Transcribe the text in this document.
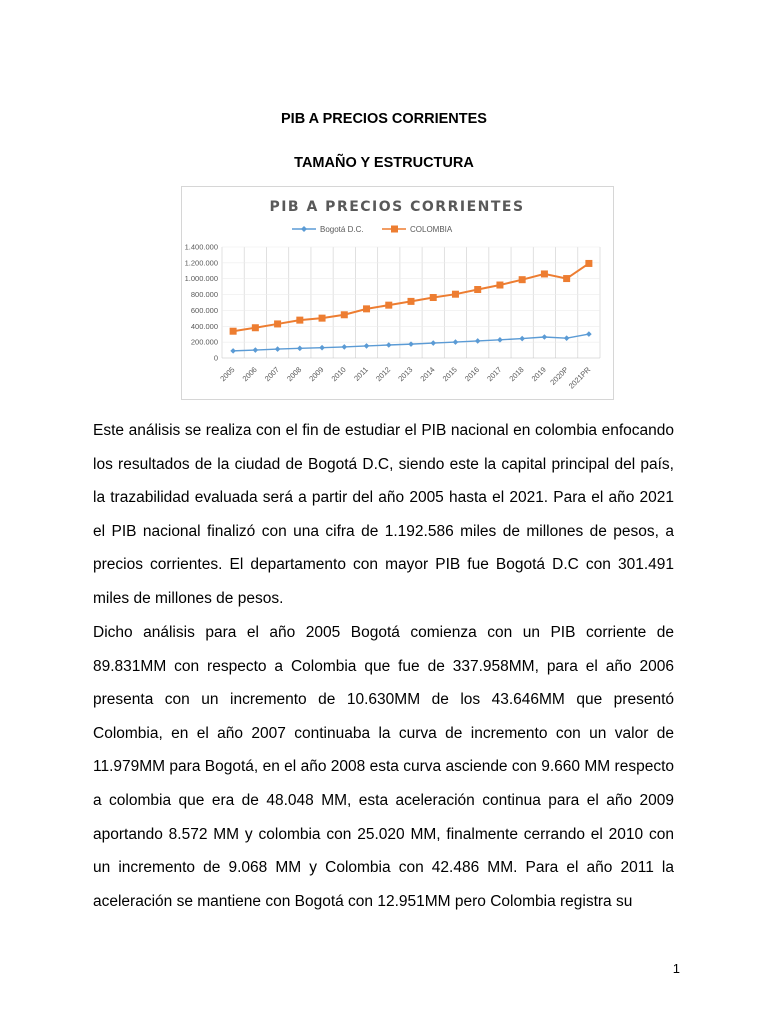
PIB A PRECIOS CORRIENTES
TAMAÑO Y ESTRUCTURA
PIB A PRECIOS CORRIENTES
Bogotá D.C.	COLOMBIA
0
200.000
400.000
600.000
800.000
1.000.000
1.200.000
1.400.000
2005 2006 2007 2008 2009 2010 2011 2012 2013 2014 2015 2016 2017 2018 2019 2020P
2021PR

Este análisis se realiza con el fin de estudiar el PIB nacional en colombia enfocando los resultados de la ciudad de Bogotá D.C, siendo este la capital principal del país, la trazabilidad evaluada será a partir del año 2005 hasta el 2021. Para el año 2021 el PIB nacional finalizó con una cifra de 1.192.586 miles de millones de pesos, a precios corrientes. El departamento con mayor PIB fue Bogotá D.C con 301.491 miles de millones de pesos.

Dicho análisis para el año 2005 Bogotá comienza con un PIB corriente de 89.831MM con respecto a Colombia que fue de 337.958MM, para el año 2006 presenta con un incremento de 10.630MM de los 43.646MM que presentó Colombia, en el año 2007 continuaba la curva de incremento con un valor de 11.979MM para Bogotá, en el año 2008 esta curva asciende con 9.660 MM respecto a colombia que era de 48.048 MM, esta aceleración continua para el año 2009 aportando 8.572 MM y colombia con 25.020 MM, finalmente cerrando el 2010 con un incremento de 9.068 MM y Colombia con 42.486 MM. Para el año 2011 la aceleración se mantiene con Bogotá con 12.951MM pero Colombia registra su

1
